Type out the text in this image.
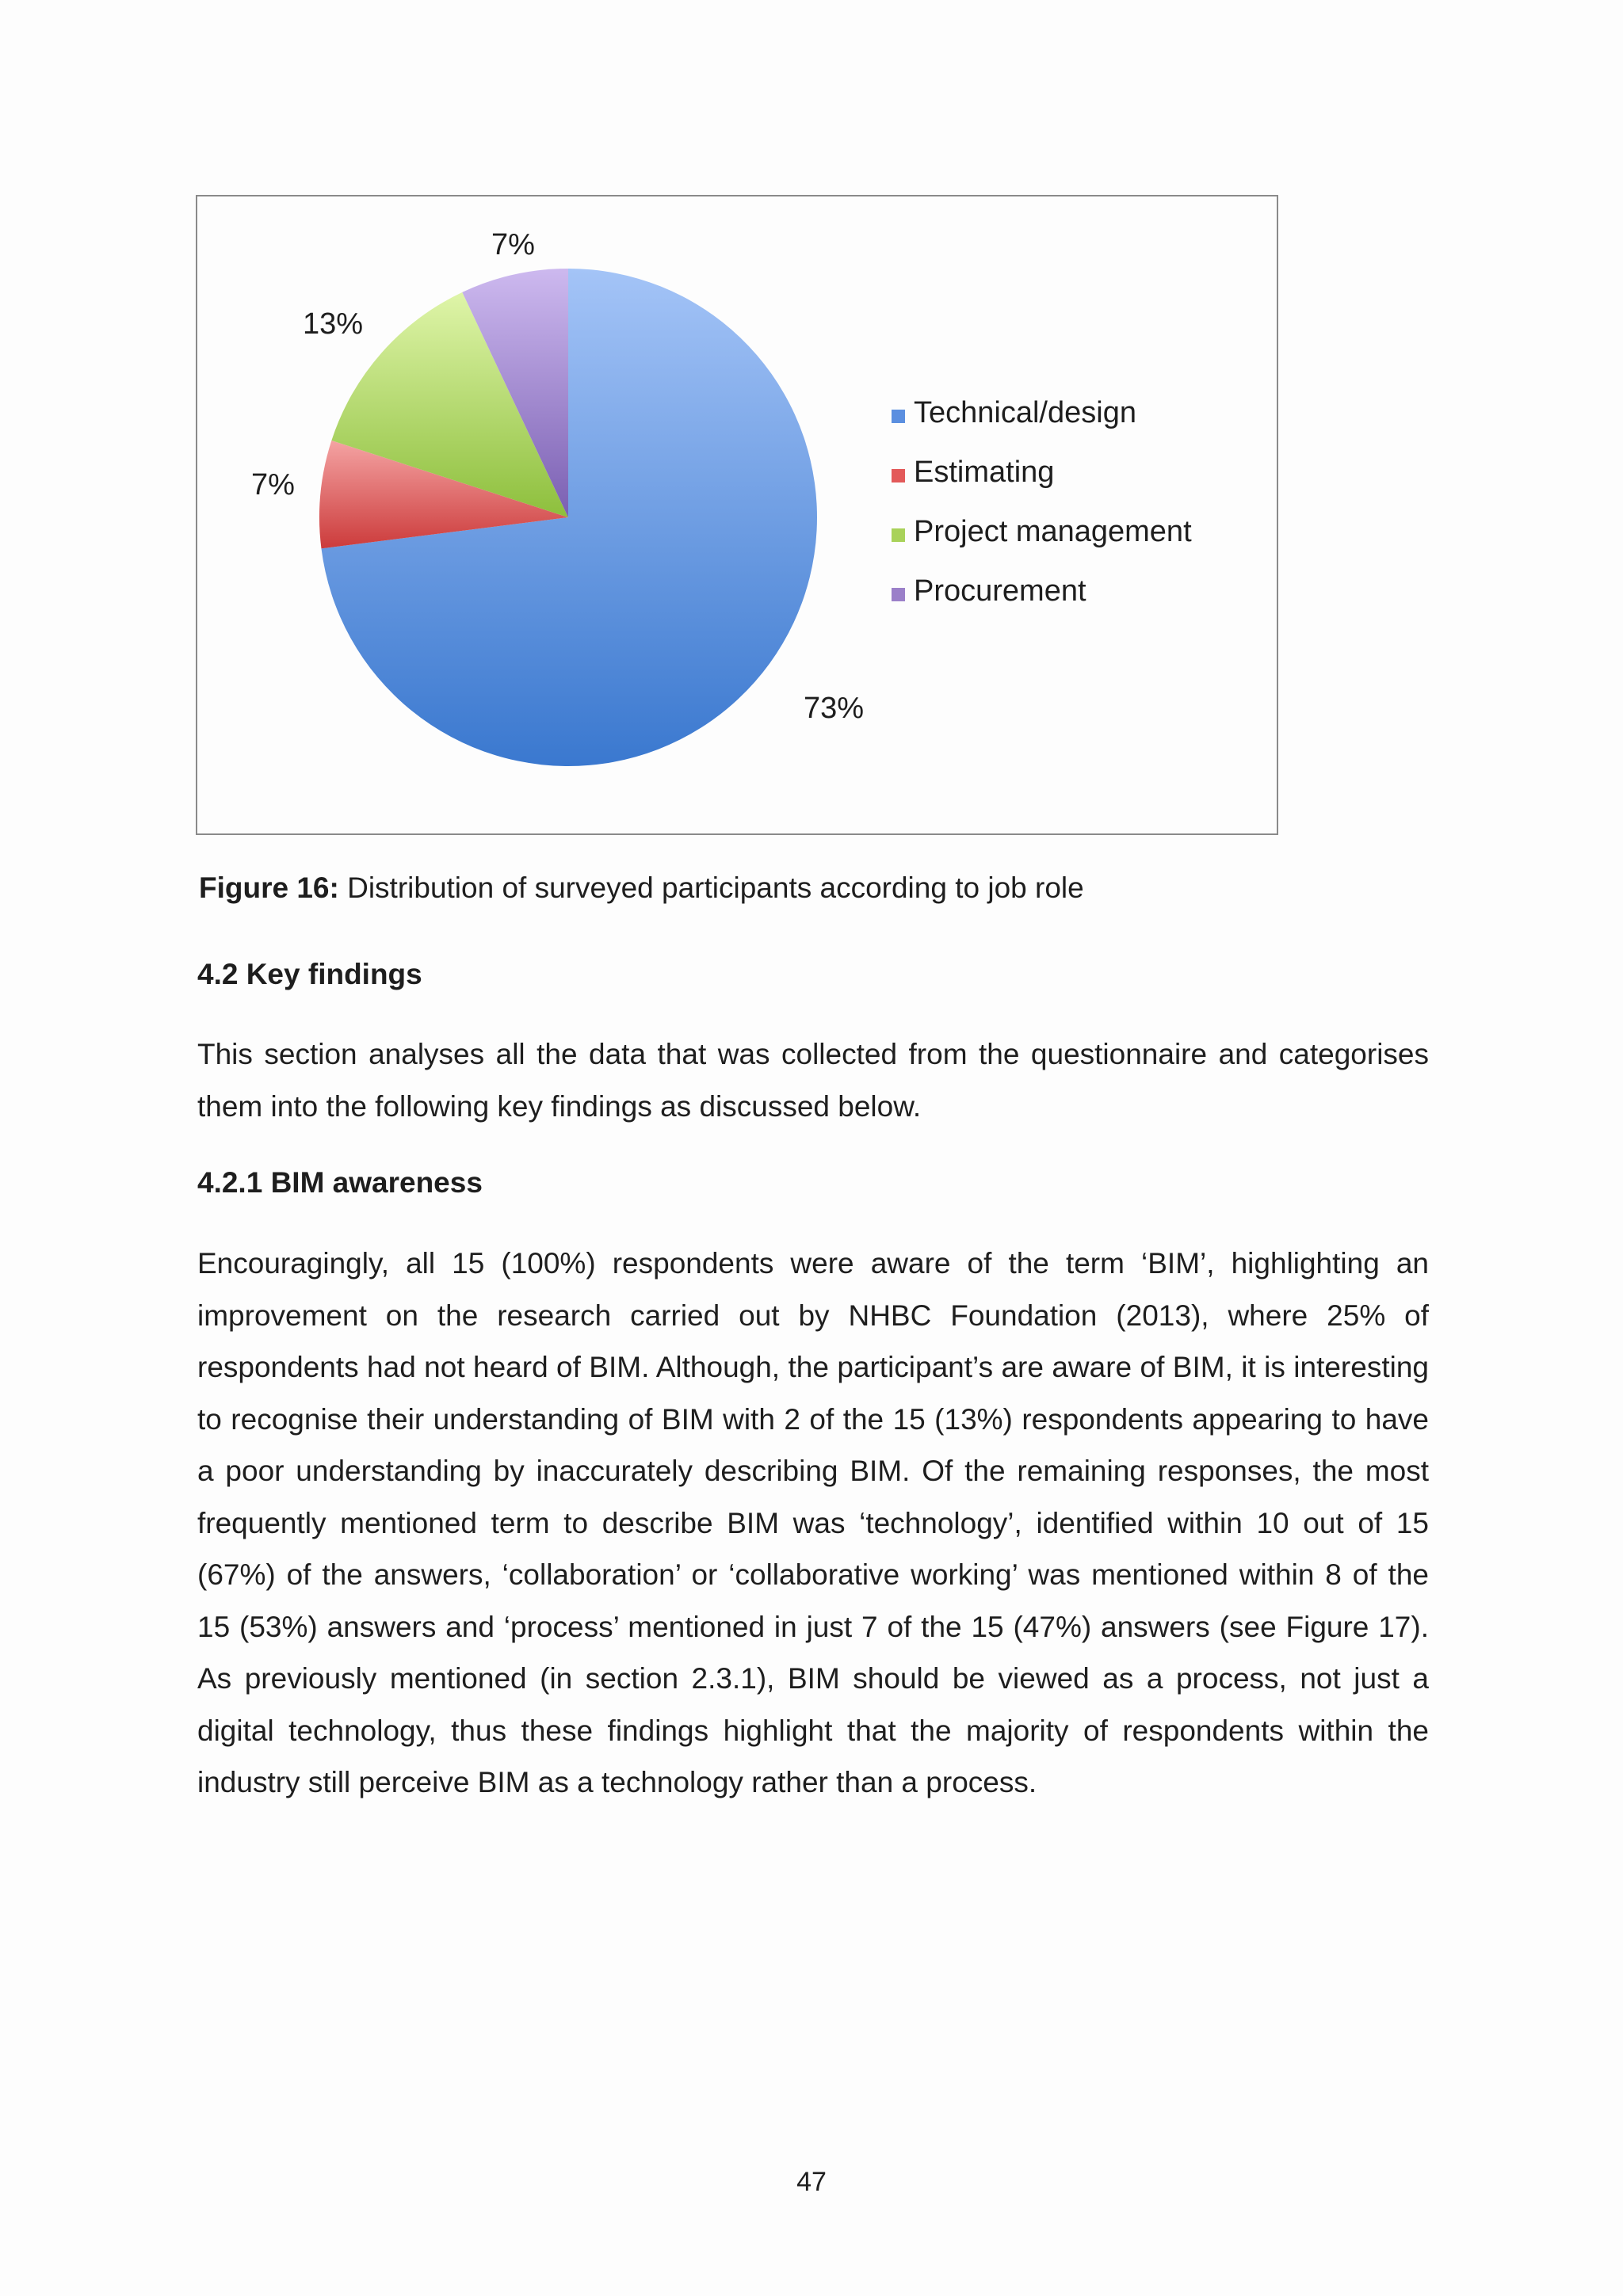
73%
7%
13%
7%
Technical/design
Estimating
Project management
Procurement
Figure 16: Distribution of surveyed participants according to job role
4.2 Key findings
This section analyses all the data that was collected from the questionnaire and categorises them into the following key findings as discussed below.
4.2.1 BIM awareness
Encouragingly, all 15 (100%) respondents were aware of the term ‘BIM’, highlighting an improvement on the research carried out by NHBC Foundation (2013), where 25% of respondents had not heard of BIM. Although, the participant’s are aware of BIM, it is interesting to recognise their understanding of BIM with 2 of the 15 (13%) respondents appearing to have a poor understanding by inaccurately describing BIM. Of the remaining responses, the most frequently mentioned term to describe BIM was ‘technology’, identified within 10 out of 15 (67%) of the answers, ‘collaboration’ or ‘collaborative working’ was mentioned within 8 of the 15 (53%) answers and ‘process’ mentioned in just 7 of the 15 (47%) answers (see Figure 17). As previously mentioned (in section 2.3.1), BIM should be viewed as a process, not just a digital technology, thus these findings highlight that the majority of respondents within the industry still perceive BIM as a technology rather than a process.
47
